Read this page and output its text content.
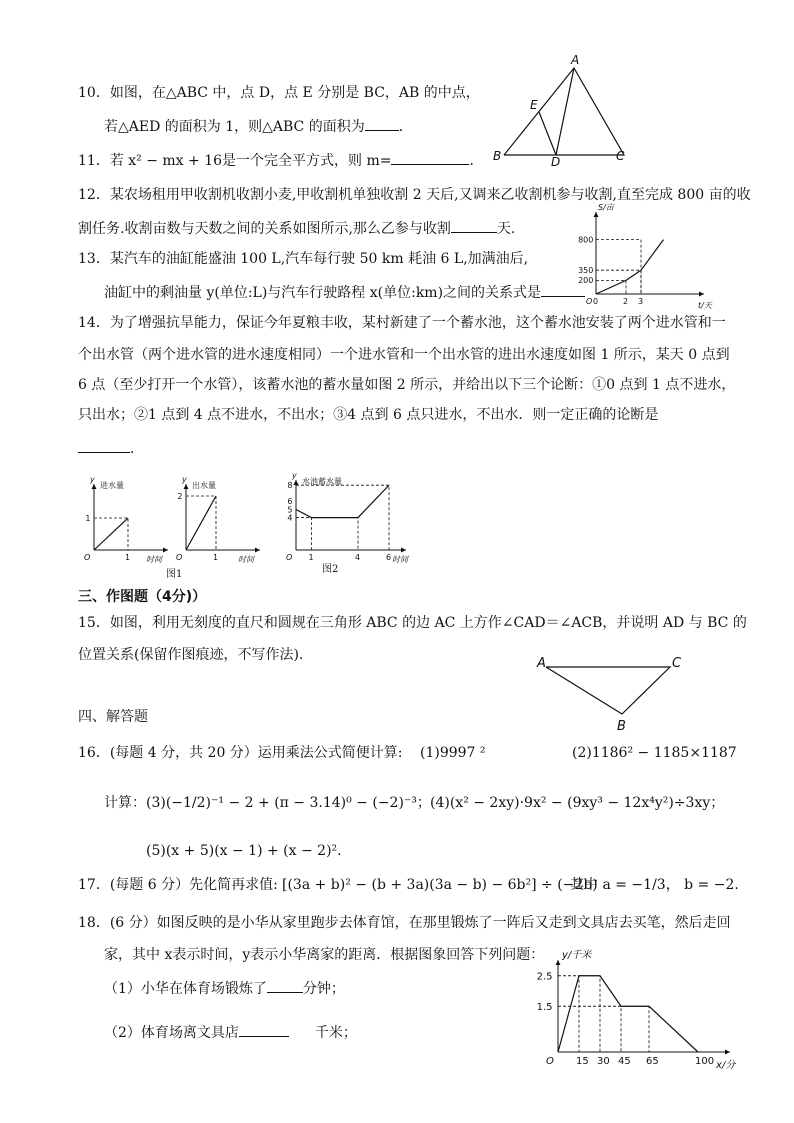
10．如图，在△ABC 中，点 D，点 E 分别是 BC，AB 的中点，
若△AED 的面积为 1，则△ABC 的面积为 ．
A
B	C
D
E
11．若 x² − mx + 16是一个完全平方式，则 m=	．
12．某农场租用甲收割机收割小麦,甲收割机单独收割 2 天后,又调来乙收割机参与收割,直至完成 800 亩的收
割任务.收割亩数与天数之间的关系如图所示,那么乙参与收割	天.
O
S/亩
t/天
0	2 3
200
350
800
13．某汽车的油缸能盛油 100 L,汽车每行驶 50 km 耗油 6 L,加满油后,
油缸中的剩油量 y(单位:L)与汽车行驶路程 x(单位:km)之间的关系式是
14．为了增强抗旱能力，保证今年夏粮丰收，某村新建了一个蓄水池，这个蓄水池安装了两个进水管和一
个出水管（两个进水管的进水速度相同）一个进水管和一个出水管的进出水速度如图 1 所示，某天 0 点到
6 点（至少打开一个水管），该蓄水池的蓄水量如图 2 所示，并给出以下三个论断：①0 点到 1 点不进水，
只出水；②1 点到 4 点不进水，不出水；③4 点到 6 点只进水，不出水．则一定正确的论断是
．
O
y
时间
进水量
1
1
O
y
时间
出水量
1
2
O
y
时间
水池蓄水量
1	4	6
4
5
6
8
图1	图2
三、作图题（4分)）
15．如图，利用无刻度的直尺和圆规在三角形 ABC 的边 AC 上方作∠CAD＝∠ACB，并说明 AD 与 BC 的
位置关系(保留作图痕迹，不写作法).
A	C
B
四、解答题
16．(每题 4 分，共 20 分）运用乘法公式简便计算: (1)9997 ²	(2)1186² − 1185×1187
计算： (3)(−1/2)⁻¹ − 2 + (π − 3.14)⁰ − (−2)⁻³； (4)(x² − 2xy)·9x² − (9xy³ − 12x⁴y²)÷3xy；
(5)(x + 5)(x − 1) + (x − 2)².
17．(每题 6 分）先化简再求值: [(3a + b)² − (b + 3a)(3a − b) − 6b²] ÷ (−2b)
其中 a = −1/3， b = −2.
18．(6 分）如图反映的是小华从家里跑步去体育馆，在那里锻炼了一阵后又走到文具店去买笔，然后走回
家，其中 x表示时间，y表示小华离家的距离．根据图象回答下列问题：
（1）小华在体育场锻炼了	分钟；
（2）体育场离文具店	千米；
O
y/千米
x/分
15 30 45 65	100
1.5
2.5
